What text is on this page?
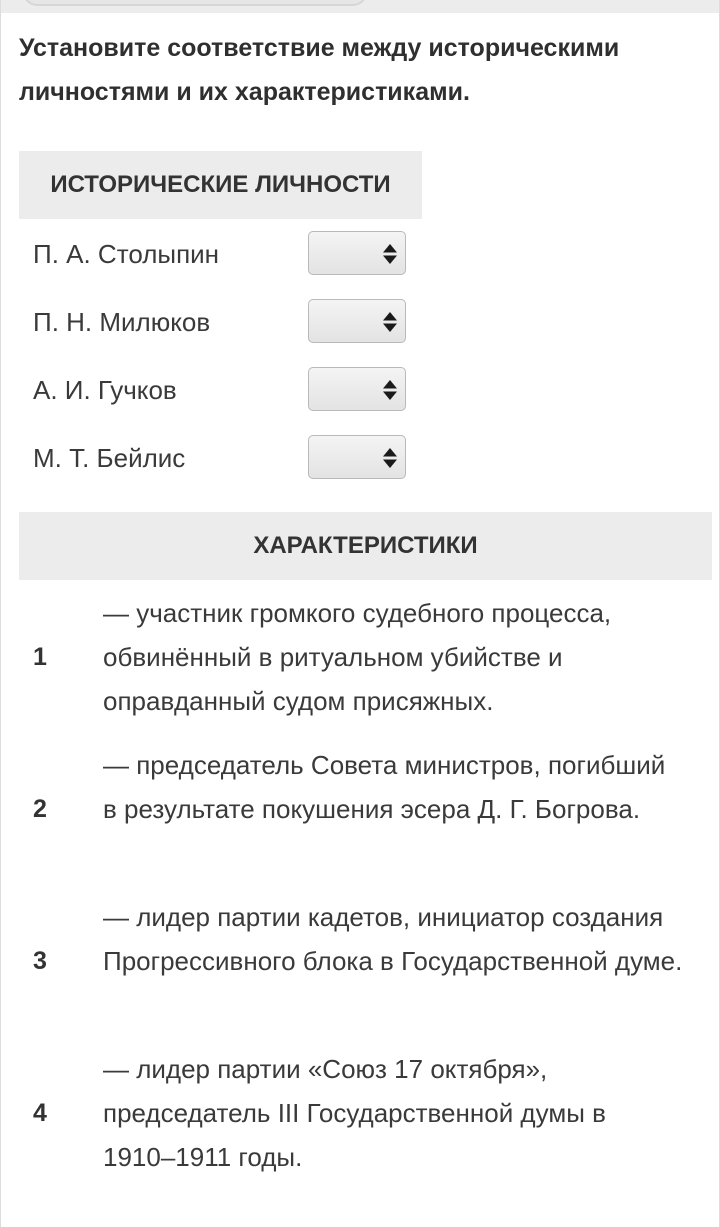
Установите соответствие между историческими личностями и их характеристиками.
ИСТОРИЧЕСКИЕ ЛИЧНОСТИ
П. А. Столыпин
П. Н. Милюков
А. И. Гучков
М. Т. Бейлис
ХАРАКТЕРИСТИКИ
1
— участник громкого судебного процесса, обвинённый в ритуальном убийстве и оправданный судом присяжных.
2
— председатель Совета министров, погибший в результате покушения эсера Д. Г. Богрова.
3
— лидер партии кадетов, инициатор создания Прогрессивного блока в Государственной думе.
4
— лидер партии «Союз 17 октября», председатель III Государственной думы в 1910–1911 годы.
